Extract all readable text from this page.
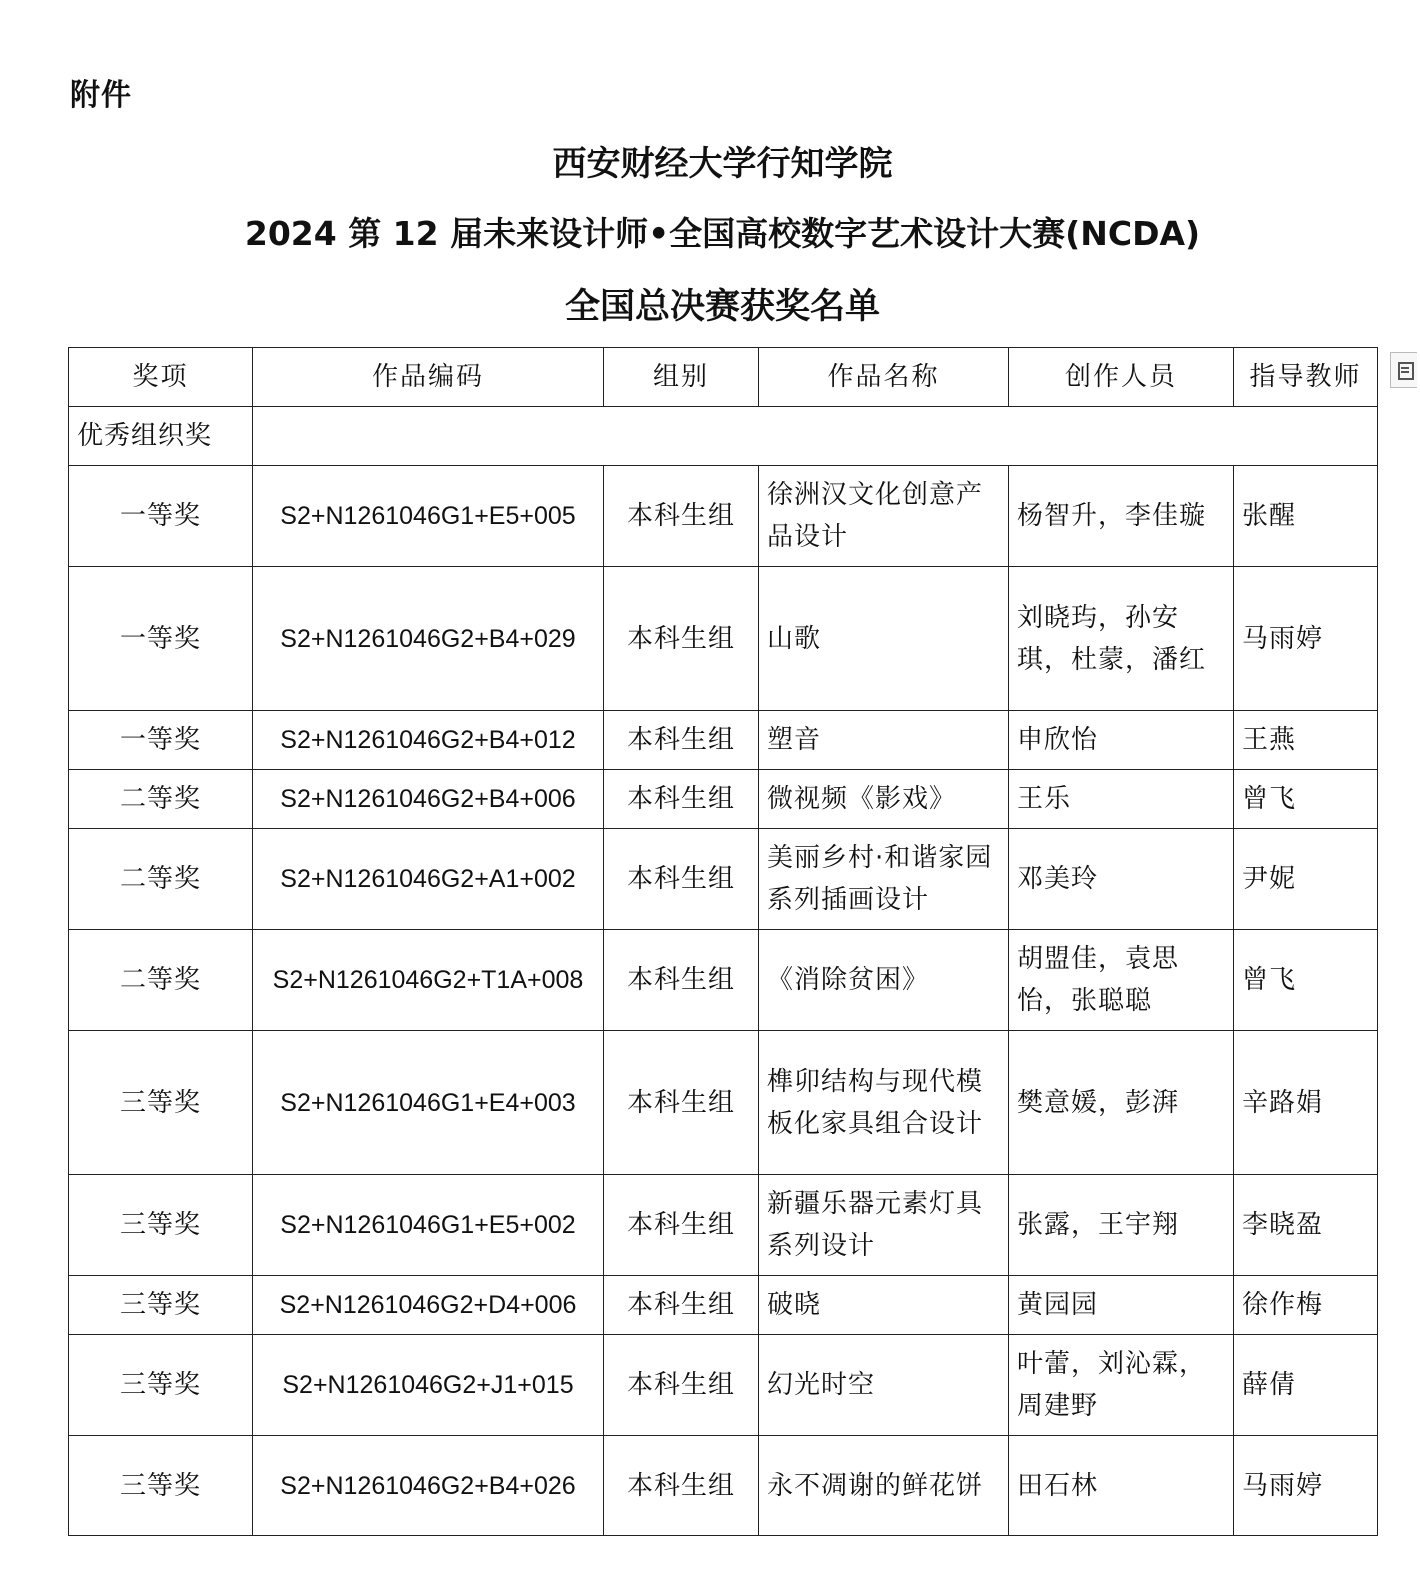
附件
西安财经大学行知学院
2024 第 12 届未来设计师•全国高校数字艺术设计大赛(NCDA)
全国总决赛获奖名单
奖项	作品编码	组别	作品名称	创作人员	指导教师
优秀组织奖					
一等奖	S2+N1261046G1+E5+005	本科生组	徐洲汉文化创意产品设计	杨智升，李佳璇	张醒
一等奖	S2+N1261046G2+B4+029	本科生组	山歌	刘晓玙，孙安琪，杜蒙，潘红	马雨婷
一等奖	S2+N1261046G2+B4+012	本科生组	塑音	申欣怡	王燕
二等奖	S2+N1261046G2+B4+006	本科生组	微视频《影戏》	王乐	曾飞
二等奖	S2+N1261046G2+A1+002	本科生组	美丽乡村·和谐家园系列插画设计	邓美玲	尹妮
二等奖	S2+N1261046G2+T1A+008	本科生组	《消除贫困》	胡盟佳，袁思怡，张聪聪	曾飞
三等奖	S2+N1261046G1+E4+003	本科生组	榫卯结构与现代模板化家具组合设计	樊意媛，彭湃	辛路娟
三等奖	S2+N1261046G1+E5+002	本科生组	新疆乐器元素灯具系列设计	张露，王宇翔	李晓盈
三等奖	S2+N1261046G2+D4+006	本科生组	破晓	黄园园	徐作梅
三等奖	S2+N1261046G2+J1+015	本科生组	幻光时空	叶蕾，刘沁霖，周建野	薛倩
三等奖	S2+N1261046G2+B4+026	本科生组	永不凋谢的鲜花饼	田石林	马雨婷
